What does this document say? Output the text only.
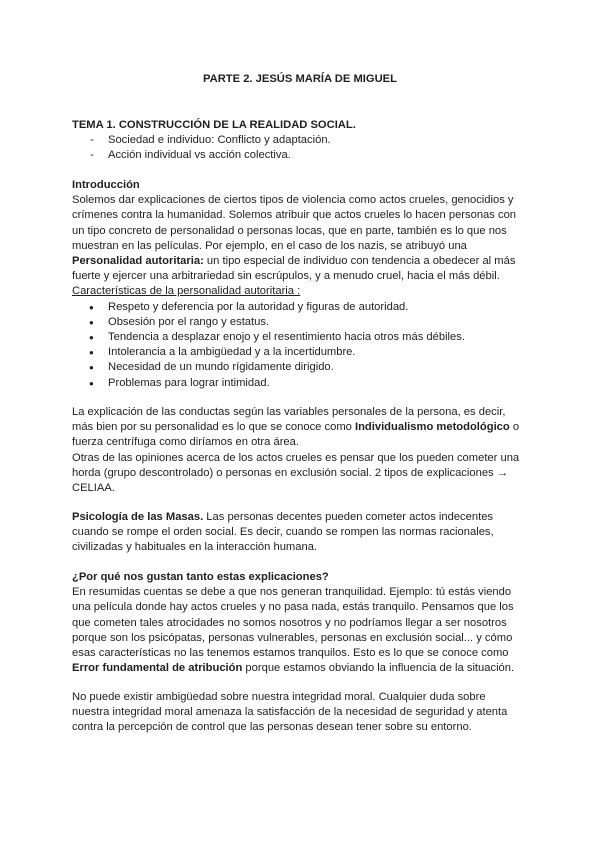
PARTE 2. JESÚS MARÍA DE MIGUEL
TEMA 1. CONSTRUCCIÓN DE LA REALIDAD SOCIAL.
- Sociedad e individuo: Conflicto y adaptación.
- Acción individual vs acción colectiva.
Introducción

Solemos dar explicaciones de ciertos tipos de violencia como actos crueles, genocidios y crímenes contra la humanidad. Solemos atribuir que actos crueles lo hacen personas con un tipo concreto de personalidad o personas locas, que en parte, también es lo que nos muestran en las películas. Por ejemplo, en el caso de los nazis, se atribuyó una Personalidad autoritaria: un tipo especial de individuo con tendencia a obedecer al más fuerte y ejercer una arbitrariedad sin escrúpulos, y a menudo cruel, hacia el más débil.

Características de la personalidad autoritaria :
● Respeto y deferencia por la autoridad y figuras de autoridad.
● Obsesión por el rango y estatus.
● Tendencia a desplazar enojo y el resentimiento hacia otros más débiles.
● Intolerancia a la ambigüedad y a la incertidumbre.
● Necesidad de un mundo rígidamente dirigido.
● Problemas para lograr intimidad.

La explicación de las conductas según las variables personales de la persona, es decir, más bien por su personalidad es lo que se conoce como Individualismo metodológico o fuerza centrífuga como diríamos en otra área.

Otras de las opiniones acerca de los actos crueles es pensar que los pueden cometer una horda (grupo descontrolado) o personas en exclusión social. 2 tipos de explicaciones → CELIAA.

Psicología de las Masas. Las personas decentes pueden cometer actos indecentes cuando se rompe el orden social. Es decir, cuando se rompen las normas racionales, civilizadas y habituales en la interacción humana.

¿Por qué nos gustan tanto estas explicaciones?

En resumidas cuentas se debe a que nos generan tranquilidad. Ejemplo: tú estás viendo una película donde hay actos crueles y no pasa nada, estás tranquilo. Pensamos que los que cometen tales atrocidades no somos nosotros y no podríamos llegar a ser nosotros porque son los psicópatas, personas vulnerables, personas en exclusión social... y cómo esas características no las tenemos estamos tranquilos. Esto es lo que se conoce como Error fundamental de atribución porque estamos obviando la influencia de la situación.

No puede existir ambigüedad sobre nuestra integridad moral. Cualquier duda sobre nuestra integridad moral amenaza la satisfacción de la necesidad de seguridad y atenta contra la percepción de control que las personas desean tener sobre su entorno.
